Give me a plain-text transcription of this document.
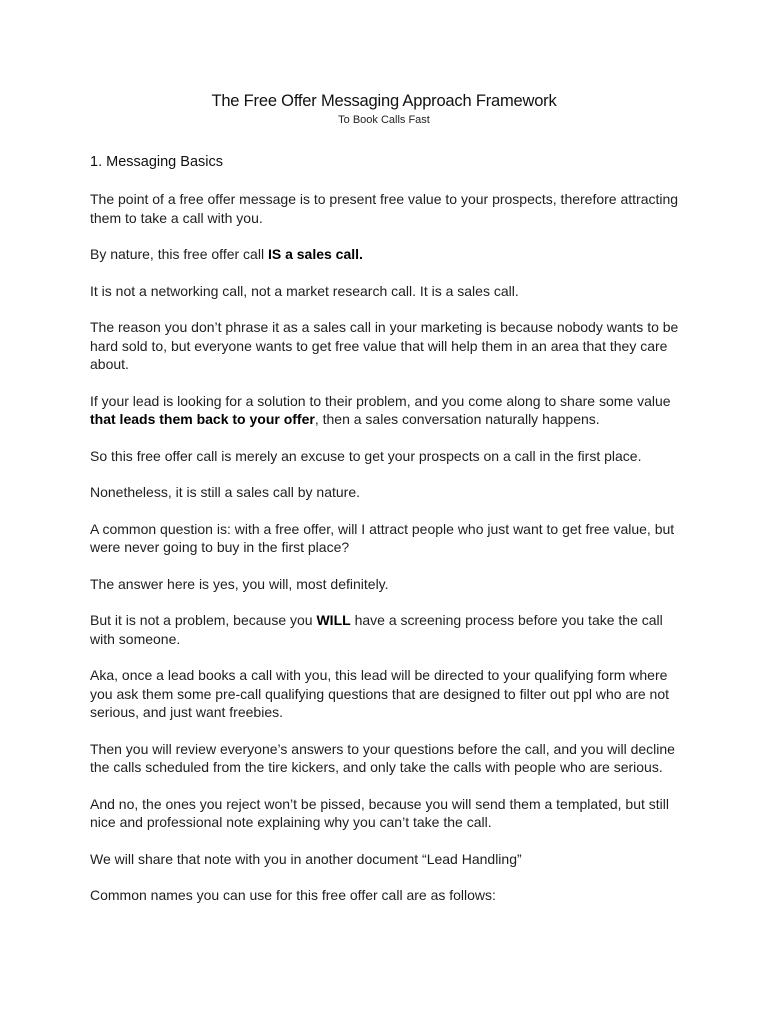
The Free Offer Messaging Approach Framework
To Book Calls Fast
1. Messaging Basics

The point of a free offer message is to present free value to your prospects, therefore attracting them to take a call with you.

By nature, this free offer call IS a sales call.

It is not a networking call, not a market research call. It is a sales call.

The reason you don’t phrase it as a sales call in your marketing is because nobody wants to be hard sold to, but everyone wants to get free value that will help them in an area that they care about.

If your lead is looking for a solution to their problem, and you come along to share some value that leads them back to your offer, then a sales conversation naturally happens.

So this free offer call is merely an excuse to get your prospects on a call in the first place.

Nonetheless, it is still a sales call by nature.

A common question is: with a free offer, will I attract people who just want to get free value, but were never going to buy in the first place?

The answer here is yes, you will, most definitely.

But it is not a problem, because you WILL have a screening process before you take the call with someone.

Aka, once a lead books a call with you, this lead will be directed to your qualifying form where you ask them some pre-call qualifying questions that are designed to filter out ppl who are not serious, and just want freebies.

Then you will review everyone’s answers to your questions before the call, and you will decline the calls scheduled from the tire kickers, and only take the calls with people who are serious.

And no, the ones you reject won’t be pissed, because you will send them a templated, but still nice and professional note explaining why you can’t take the call.

We will share that note with you in another document “Lead Handling”

Common names you can use for this free offer call are as follows:
